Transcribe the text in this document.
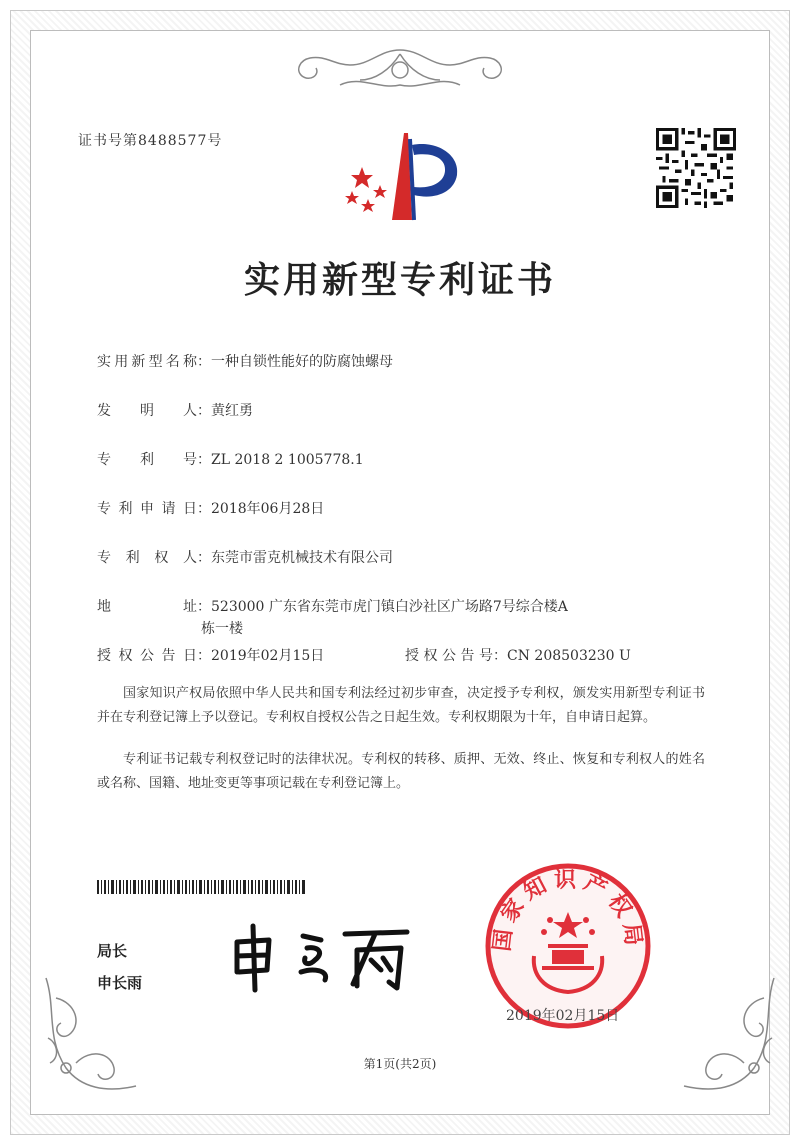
证书号第8488577号
实用新型专利证书
实用新型名称：一种自锁性能好的防腐蚀螺母
发明人：黄红勇
专利号：ZL 2018 2 1005778.1
专利申请日：2018年06月28日
专利权人：东莞市雷克机械技术有限公司
地址：523000 广东省东莞市虎门镇白沙社区广场路7号综合楼A
栋一楼
授权公告日：2019年02月15日	授权公告号：CN 208503230 U
国家知识产权局依照中华人民共和国专利法经过初步审查，决定授予专利权，颁发实用新型专利证书并在专利登记簿上予以登记。专利权自授权公告之日起生效。专利权期限为十年，自申请日起算。
专利证书记载专利权登记时的法律状况。专利权的转移、质押、无效、终止、恢复和专利权人的姓名或名称、国籍、地址变更等事项记载在专利登记簿上。
局长
申长雨
国家知识产权局
2019年02月15日
第1页(共2页)
